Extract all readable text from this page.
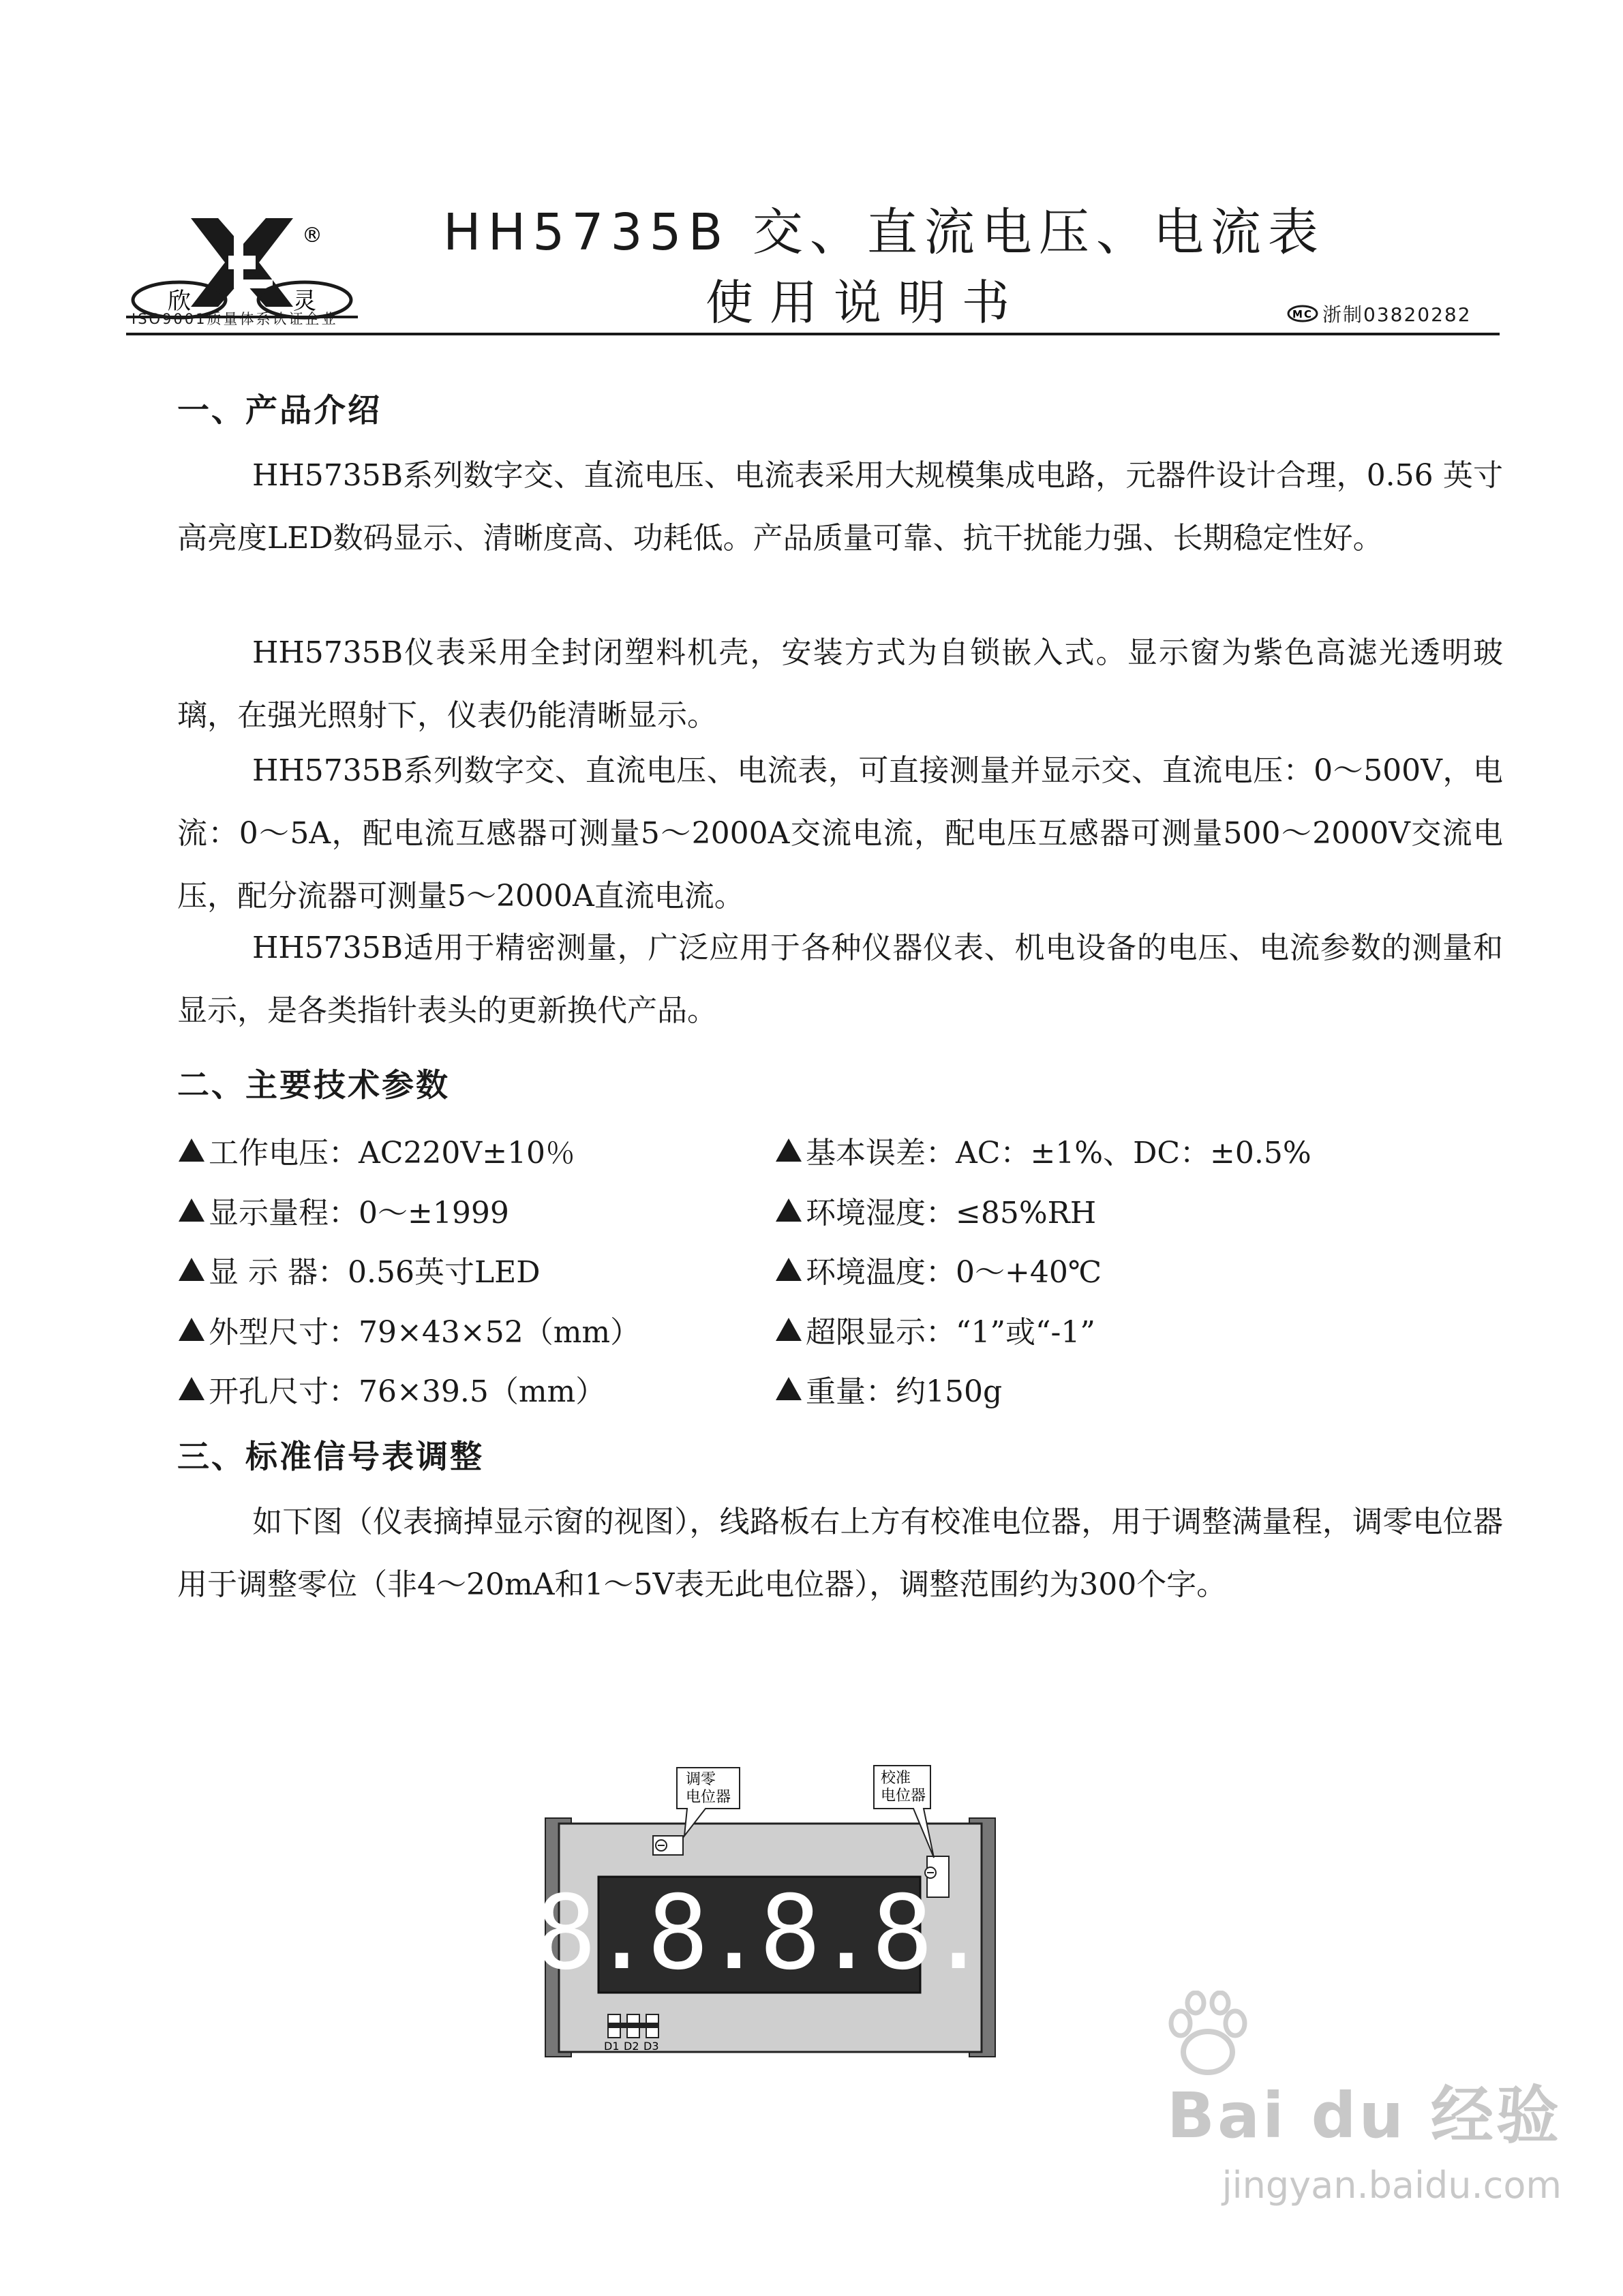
欣	灵
®
ISO9001质量体系认证企业
HH5735B 交、直流电压、电流表
使用说明书	MC 浙制03820282
一、产品介绍
HH5735B系列数字交、直流电压、电流表采用大规模集成电路，元器件设计合理，0.56 英寸高亮度LED数码显示、清晰度高、功耗低。产品质量可靠、抗干扰能力强、长期稳定性好。
HH5735B仪表采用全封闭塑料机壳，安装方式为自锁嵌入式。显示窗为紫色高滤光透明玻璃，在强光照射下，仪表仍能清晰显示。
HH5735B系列数字交、直流电压、电流表，可直接测量并显示交、直流电压：0～500V，电流：0～5A，配电流互感器可测量5～2000A交流电流，配电压互感器可测量500～2000V交流电压，配分流器可测量5～2000A直流电流。
HH5735B适用于精密测量，广泛应用于各种仪器仪表、机电设备的电压、电流参数的测量和显示，是各类指针表头的更新换代产品。
二、主要技术参数
工作电压：AC220V±10％
显示量程：0～±1999
显 示 器：0.56英寸LED
外型尺寸：79×43×52（mm）
开孔尺寸：76×39.5（mm）
基本误差：AC：±1%、DC：±0.5%
环境湿度：≤85%RH
环境温度：0～+40℃
超限显示：“1”或“-1”
重量：约150g
三、标准信号表调整
如下图（仪表摘掉显示窗的视图），线路板右上方有校准电位器，用于调整满量程，调零电位器用于调整零位（非4～20mA和1～5V表无此电位器），调整范围约为300个字。
调零
电位器
校准
电位器
8.8.8.8.
D1 D2 D3
Bai du 经验
jingyan.baidu.com
